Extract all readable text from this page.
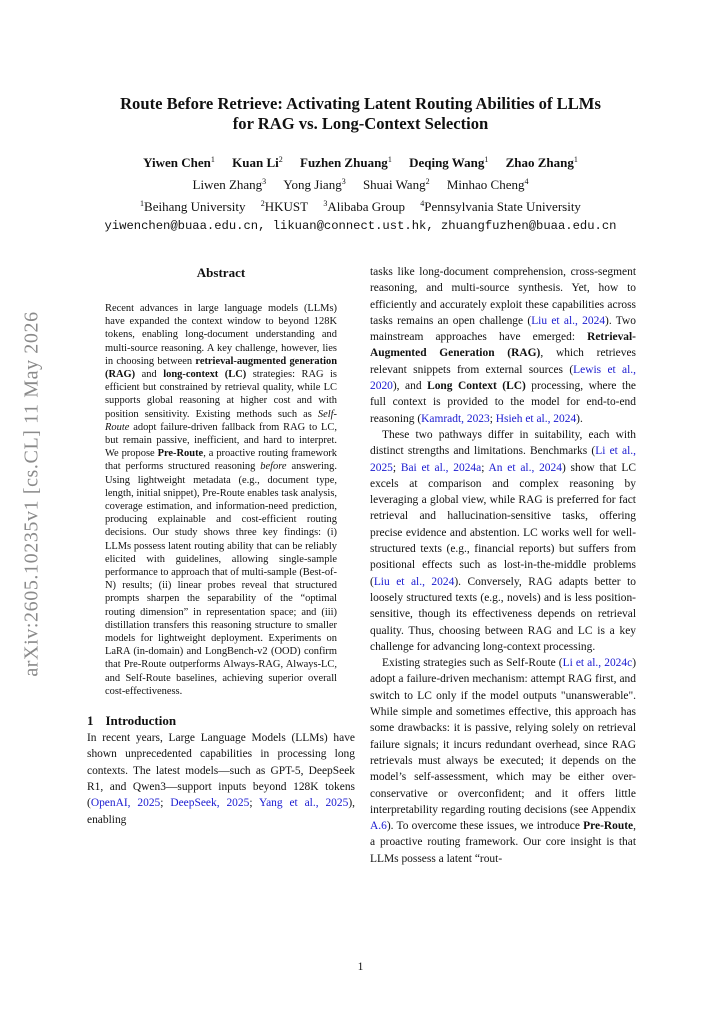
arXiv:2605.10235v1 [cs.CL] 11 May 2026
Route Before Retrieve: Activating Latent Routing Abilities of LLMs
for RAG vs. Long-Context Selection
Yiwen Chen$^1$ Kuan Li$^2$ Fuzhen Zhuang$^1$ Deqing Wang$^1$ Zhao Zhang$^1$
Liwen Zhang$^3$ Yong Jiang$^3$ Shuai Wang$^2$ Minhao Cheng$^4$
$^1$Beihang University $^2$HKUST $^3$Alibaba Group $^4$Pennsylvania State University
yiwenchen@buaa.edu.cn, likuan@connect.ust.hk, zhuangfuzhen@buaa.edu.cn
Abstract

Recent advances in large language models (LLMs) have expanded the context window to beyond 128K tokens, enabling long-document understanding and multi-source reasoning. A key challenge, however, lies in choosing between retrieval-augmented generation (RAG) and long-context (LC) strategies: RAG is efficient but constrained by retrieval quality, while LC supports global reasoning at higher cost and with position sensitivity. Existing methods such as Self-Route adopt failure-driven fallback from RAG to LC, but remain passive, inefficient, and hard to interpret. We propose Pre-Route, a proactive routing framework that performs structured reasoning before answering. Using lightweight metadata (e.g., document type, length, initial snippet), Pre-Route enables task analysis, coverage estimation, and information-need prediction, producing explainable and cost-efficient routing decisions. Our study shows three key findings: (i) LLMs possess latent routing ability that can be reliably elicited with guidelines, allowing single-sample performance to approach that of multi-sample (Best-of-N) results; (ii) linear probes reveal that structured prompts sharpen the separability of the “optimal routing dimension” in representation space; and (iii) distillation transfers this reasoning structure to smaller models for lightweight deployment. Experiments on LaRA (in-domain) and LongBench-v2 (OOD) confirm that Pre-Route outperforms Always-RAG, Always-LC, and Self-Route baselines, achieving superior overall cost-effectiveness.

1 Introduction

In recent years, Large Language Models (LLMs) have shown unprecedented capabilities in processing long contexts. The latest models—such as GPT-5, DeepSeek R1, and Qwen3—support inputs beyond 128K tokens (OpenAI, 2025; DeepSeek, 2025; Yang et al., 2025), enabling

tasks like long-document comprehension, cross-segment reasoning, and multi-source synthesis. Yet, how to efficiently and accurately exploit these capabilities across tasks remains an open challenge (Liu et al., 2024). Two mainstream approaches have emerged: Retrieval-Augmented Generation (RAG), which retrieves relevant snippets from external sources (Lewis et al., 2020), and Long Context (LC) processing, where the full context is provided to the model for end-to-end reasoning (Kamradt, 2023; Hsieh et al., 2024).

These two pathways differ in suitability, each with distinct strengths and limitations. Benchmarks (Li et al., 2025; Bai et al., 2024a; An et al., 2024) show that LC excels at comparison and complex reasoning by leveraging a global view, while RAG is preferred for fact retrieval and hallucination-sensitive tasks, offering precise evidence and abstention. LC works well for well-structured texts (e.g., financial reports) but suffers from positional effects such as lost-in-the-middle problems (Liu et al., 2024). Conversely, RAG adapts better to loosely structured texts (e.g., novels) and is less position-sensitive, though its effectiveness depends on retrieval quality. Thus, choosing between RAG and LC is a key challenge for advancing long-context processing.

Existing strategies such as Self-Route (Li et al., 2024c) adopt a failure-driven mechanism: attempt RAG first, and switch to LC only if the model outputs "unanswerable". While simple and sometimes effective, this approach has some drawbacks: it is passive, relying solely on retrieval failure signals; it incurs redundant overhead, since RAG retrievals must always be executed; it depends on the model’s self-assessment, which may be either over-conservative or overconfident; and it offers little interpretability regarding routing decisions (see Appendix A.6). To overcome these issues, we introduce Pre-Route, a proactive routing framework. Our core insight is that LLMs possess a latent “rout-

1
